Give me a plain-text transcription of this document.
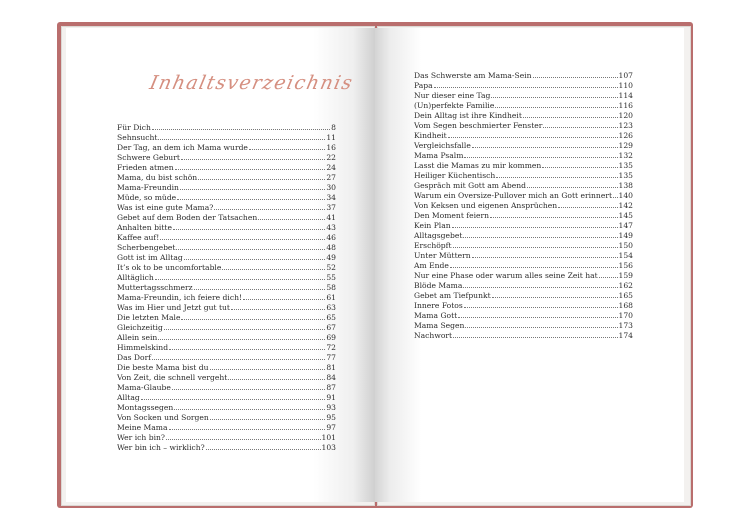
Inhaltsverzeichnis
Für Dich	8
Sehnsucht	11
Der Tag, an dem ich Mama wurde	16
Schwere Geburt	22
Frieden atmen	24
Mama, du bist schön	27
Mama-Freundin	30
Müde, so müde	34
Was ist eine gute Mama?	37
Gebet auf dem Boden der Tatsachen	41
Anhalten bitte	43
Kaffee auf!	46
Scherbengebet	48
Gott ist im Alltag	49
It’s ok to be uncomfortable	52
Alltäglich	55
Muttertagsschmerz	58
Mama-Freundin, ich feiere dich!	61
Was im Hier und Jetzt gut tut	63
Die letzten Male	65
Gleichzeitig	67
Allein sein	69
Himmelskind	72
Das Dorf	77
Die beste Mama bist du	81
Von Zeit, die schnell vergeht	84
Mama-Glaube	87
Alltag	91
Montagssegen	93
Von Socken und Sorgen	95
Meine Mama	97
Wer ich bin?	101
Wer bin ich – wirklich?	103
Das Schwerste am Mama-Sein	107
Papa	110
Nur dieser eine Tag	114
(Un)perfekte Familie	116
Dein Alltag ist ihre Kindheit	120
Vom Segen beschmierter Fenster	123
Kindheit	126
Vergleichsfalle	129
Mama Psalm	132
Lasst die Mamas zu mir kommen	135
Heiliger Küchentisch	135
Gespräch mit Gott am Abend	138
Warum ein Oversize-Pullover mich an Gott erinnert 140
Von Keksen und eigenen Ansprüchen	142
Den Moment feiern	145
Kein Plan	147
Alltagsgebet	149
Erschöpft	150
Unter Müttern	154
Am Ende	156
Nur eine Phase oder warum alles seine Zeit hat	159
Blöde Mama	162
Gebet am Tiefpunkt	165
Innere Fotos	168
Mama Gott	170
Mama Segen	173
Nachwort	174
